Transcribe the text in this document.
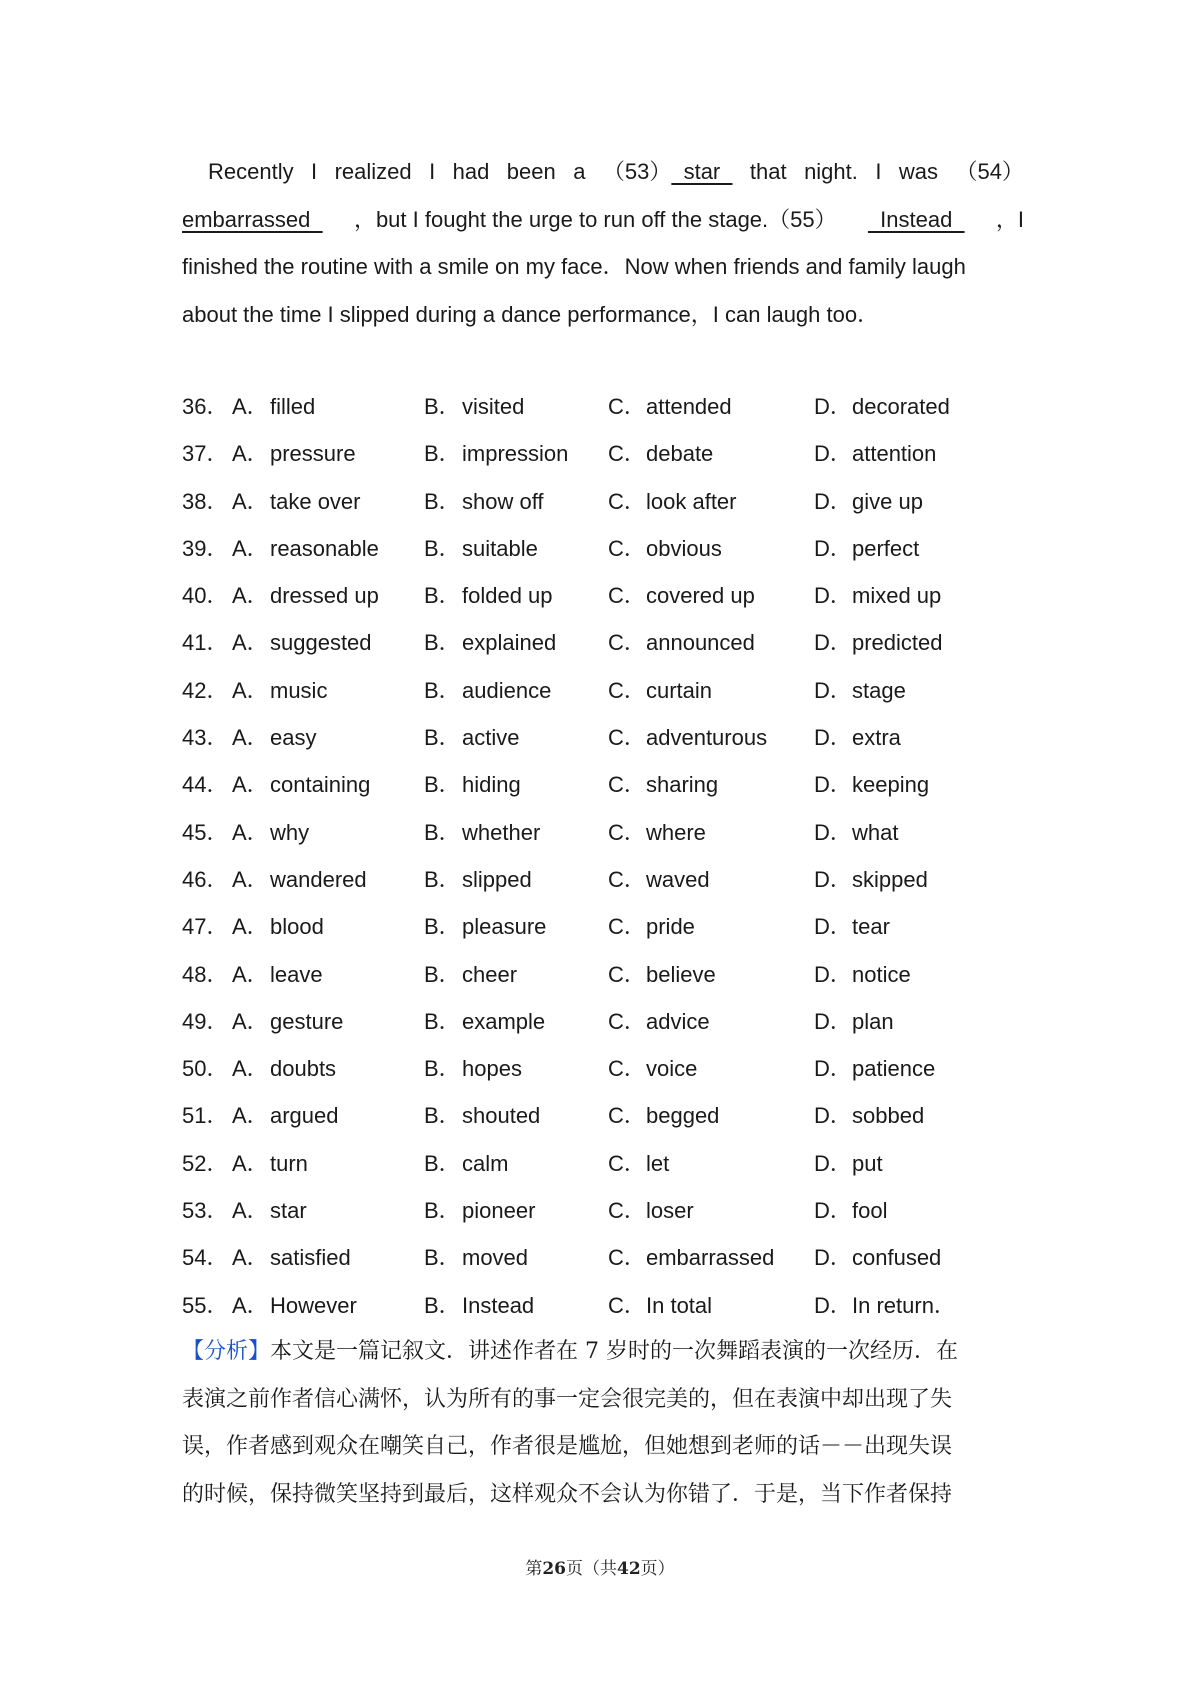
Recently I realized I had been a （53）  star that night. I was （54）
embarrassed ，but I fought the urge to run off the stage.（55） Instead ，I
finished the routine with a smile on my face．Now when friends and family laugh
about the time I slipped during a dance performance，I can laugh too．
36． A． filled	B． visited	C． attended	D． decorated
37． A． pressure	B． impression C． debate	D． attention
38． A． take over	B． show off	C． look after	D． give up
39． A． reasonable B． suitable	C． obvious	D． perfect
40． A． dressed up B． folded up	C． covered up	D． mixed up
41． A． suggested B． explained C． announced	D． predicted
42． A． music	B． audience	C． curtain	D． stage
43． A． easy	B． active	C． adventurous D． extra
44． A． containing B． hiding	C． sharing	D． keeping
45． A． why	B． whether	C． where	D． what
46． A． wandered	B． slipped	C． waved	D． skipped
47． A． blood	B． pleasure	C． pride	D． tear
48． A． leave	B． cheer	C． believe	D． notice
49． A． gesture	B． example	C． advice	D． plan
50． A． doubts	B． hopes	C． voice	D． patience
51． A． argued	B． shouted	C． begged	D． sobbed
52． A． turn	B． calm	C． let	D． put
53． A． star	B． pioneer	C． loser	D． fool
54． A． satisfied	B． moved	C． embarrassed D． confused
55． A． However	B． Instead	C． In total	D． In return．
【分析】本文是一篇记叙文．讲述作者在 7 岁时的一次舞蹈表演的一次经历．在
表演之前作者信心满怀，认为所有的事一定会很完美的，但在表演中却出现了失
误，作者感到观众在嘲笑自己，作者很是尴尬，但她想到老师的话－－出现失误
的时候，保持微笑坚持到最后，这样观众不会认为你错了．于是，当下作者保持
第26页（共42页）
